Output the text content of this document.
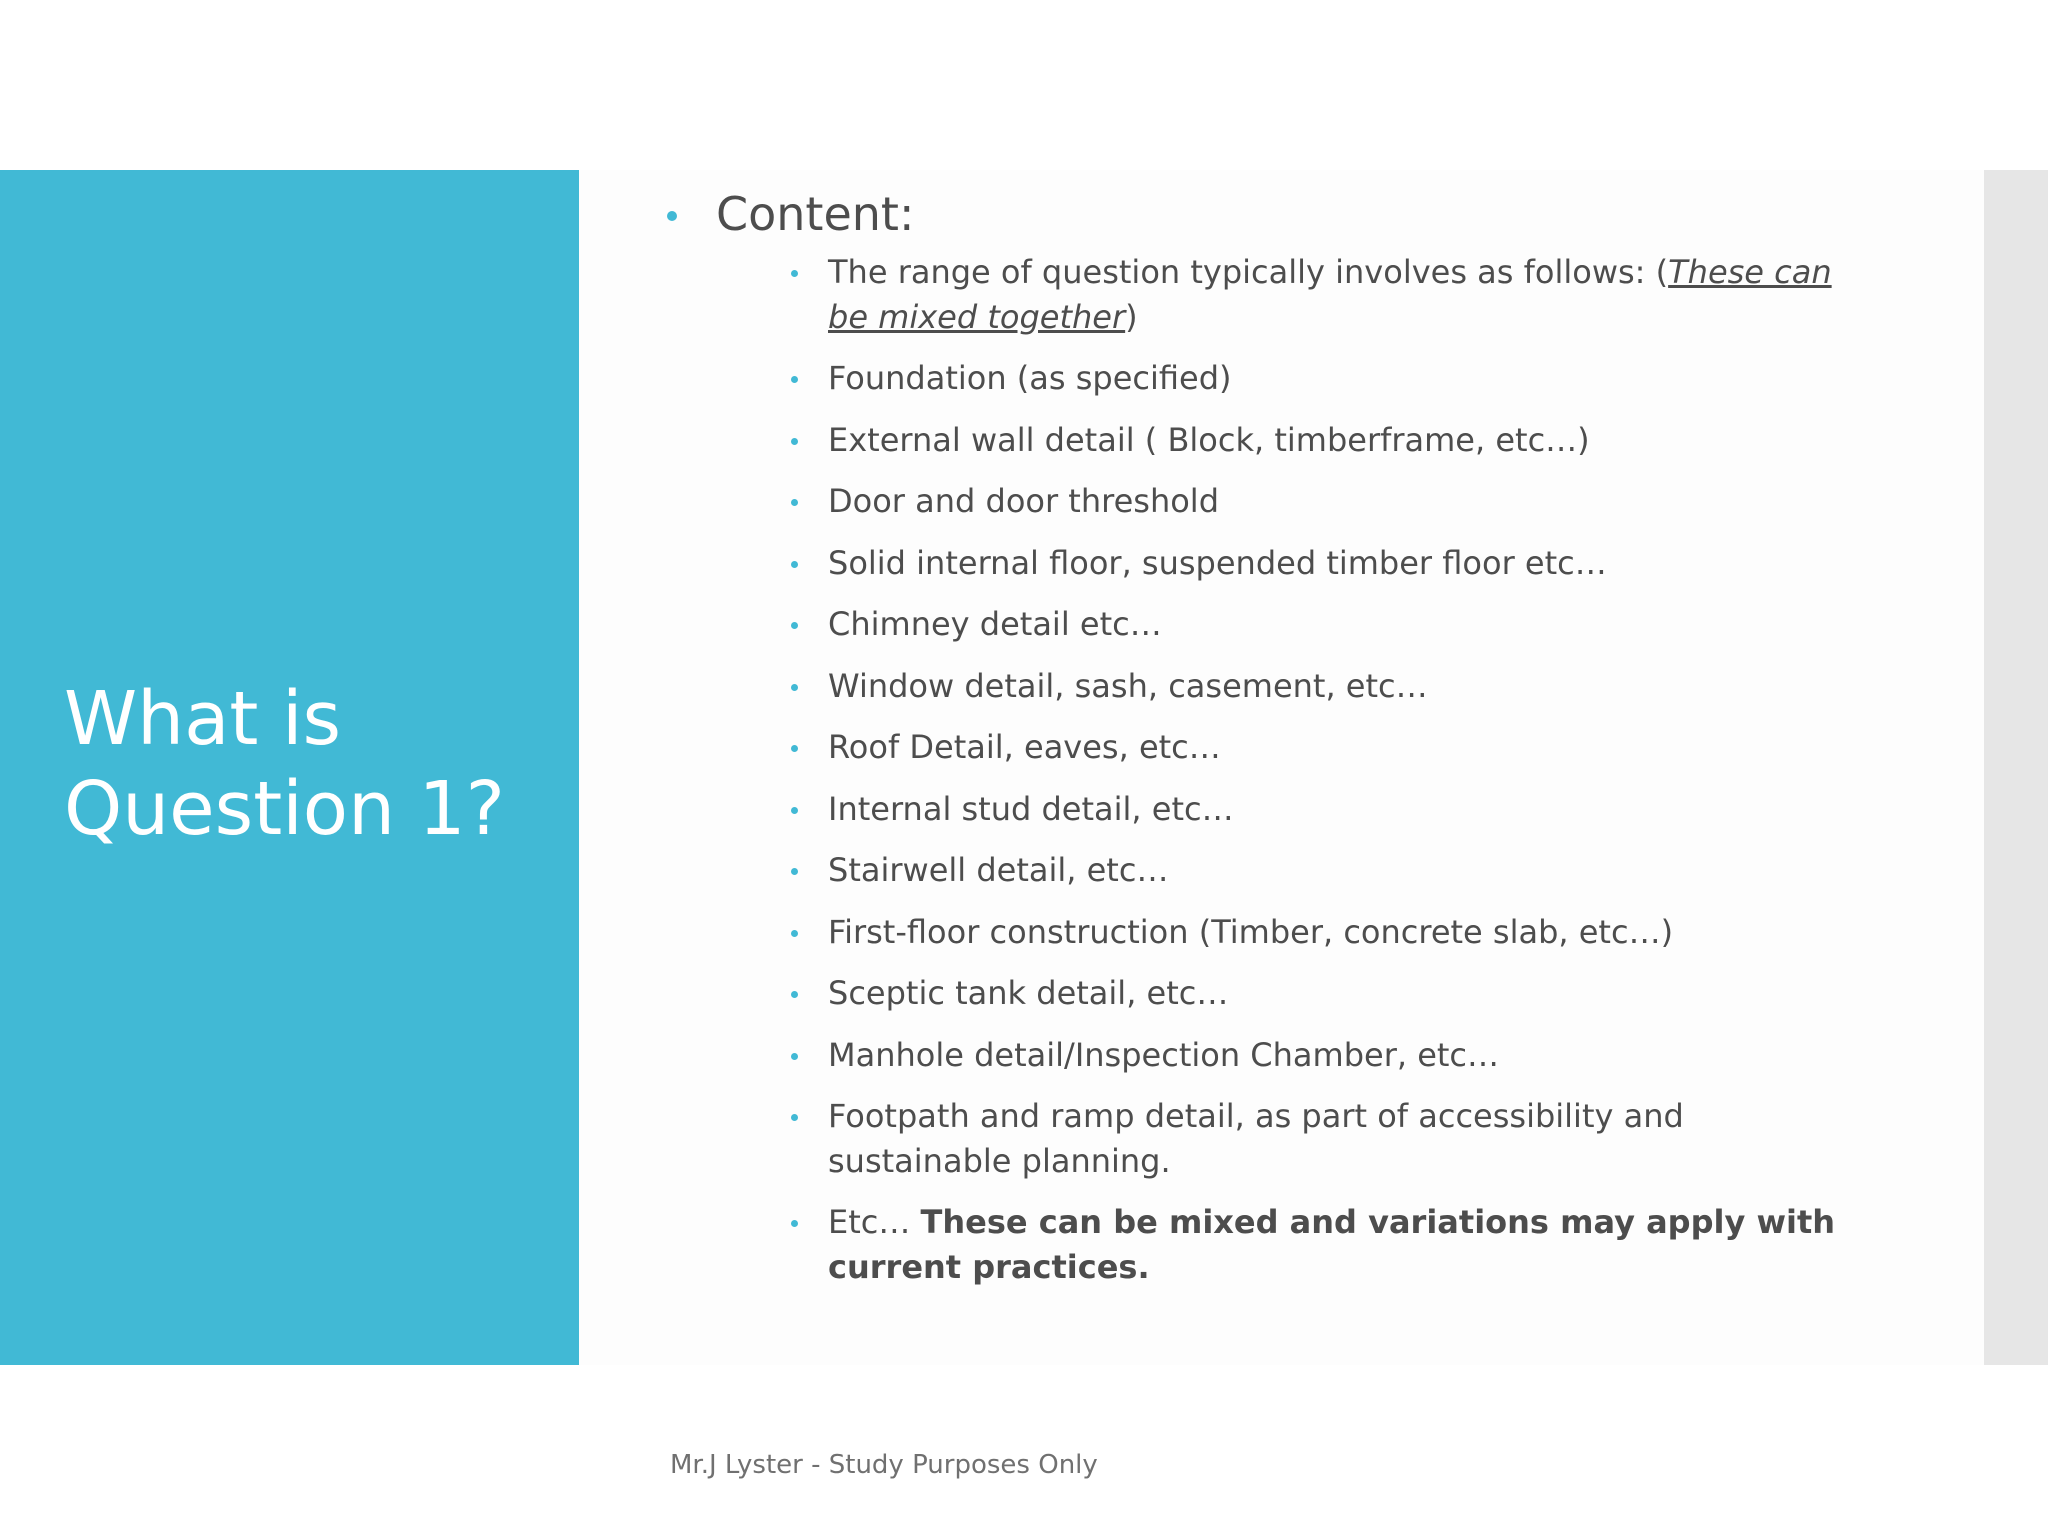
What is Question 1?
Content:
The range of question typically involves as follows: (These can be mixed together)
Foundation (as specified)
External wall detail ( Block, timberframe, etc…)
Door and door threshold
Solid internal floor, suspended timber floor etc…
Chimney detail etc…
Window detail, sash, casement, etc…
Roof Detail, eaves, etc…
Internal stud detail, etc…
Stairwell detail, etc…
First-floor construction (Timber, concrete slab, etc…)
Sceptic tank detail, etc…
Manhole detail/Inspection Chamber, etc…
Footpath and ramp detail, as part of accessibility and sustainable planning.
Etc… These can be mixed and variations may apply with current practices.
Mr.J Lyster - Study Purposes Only
